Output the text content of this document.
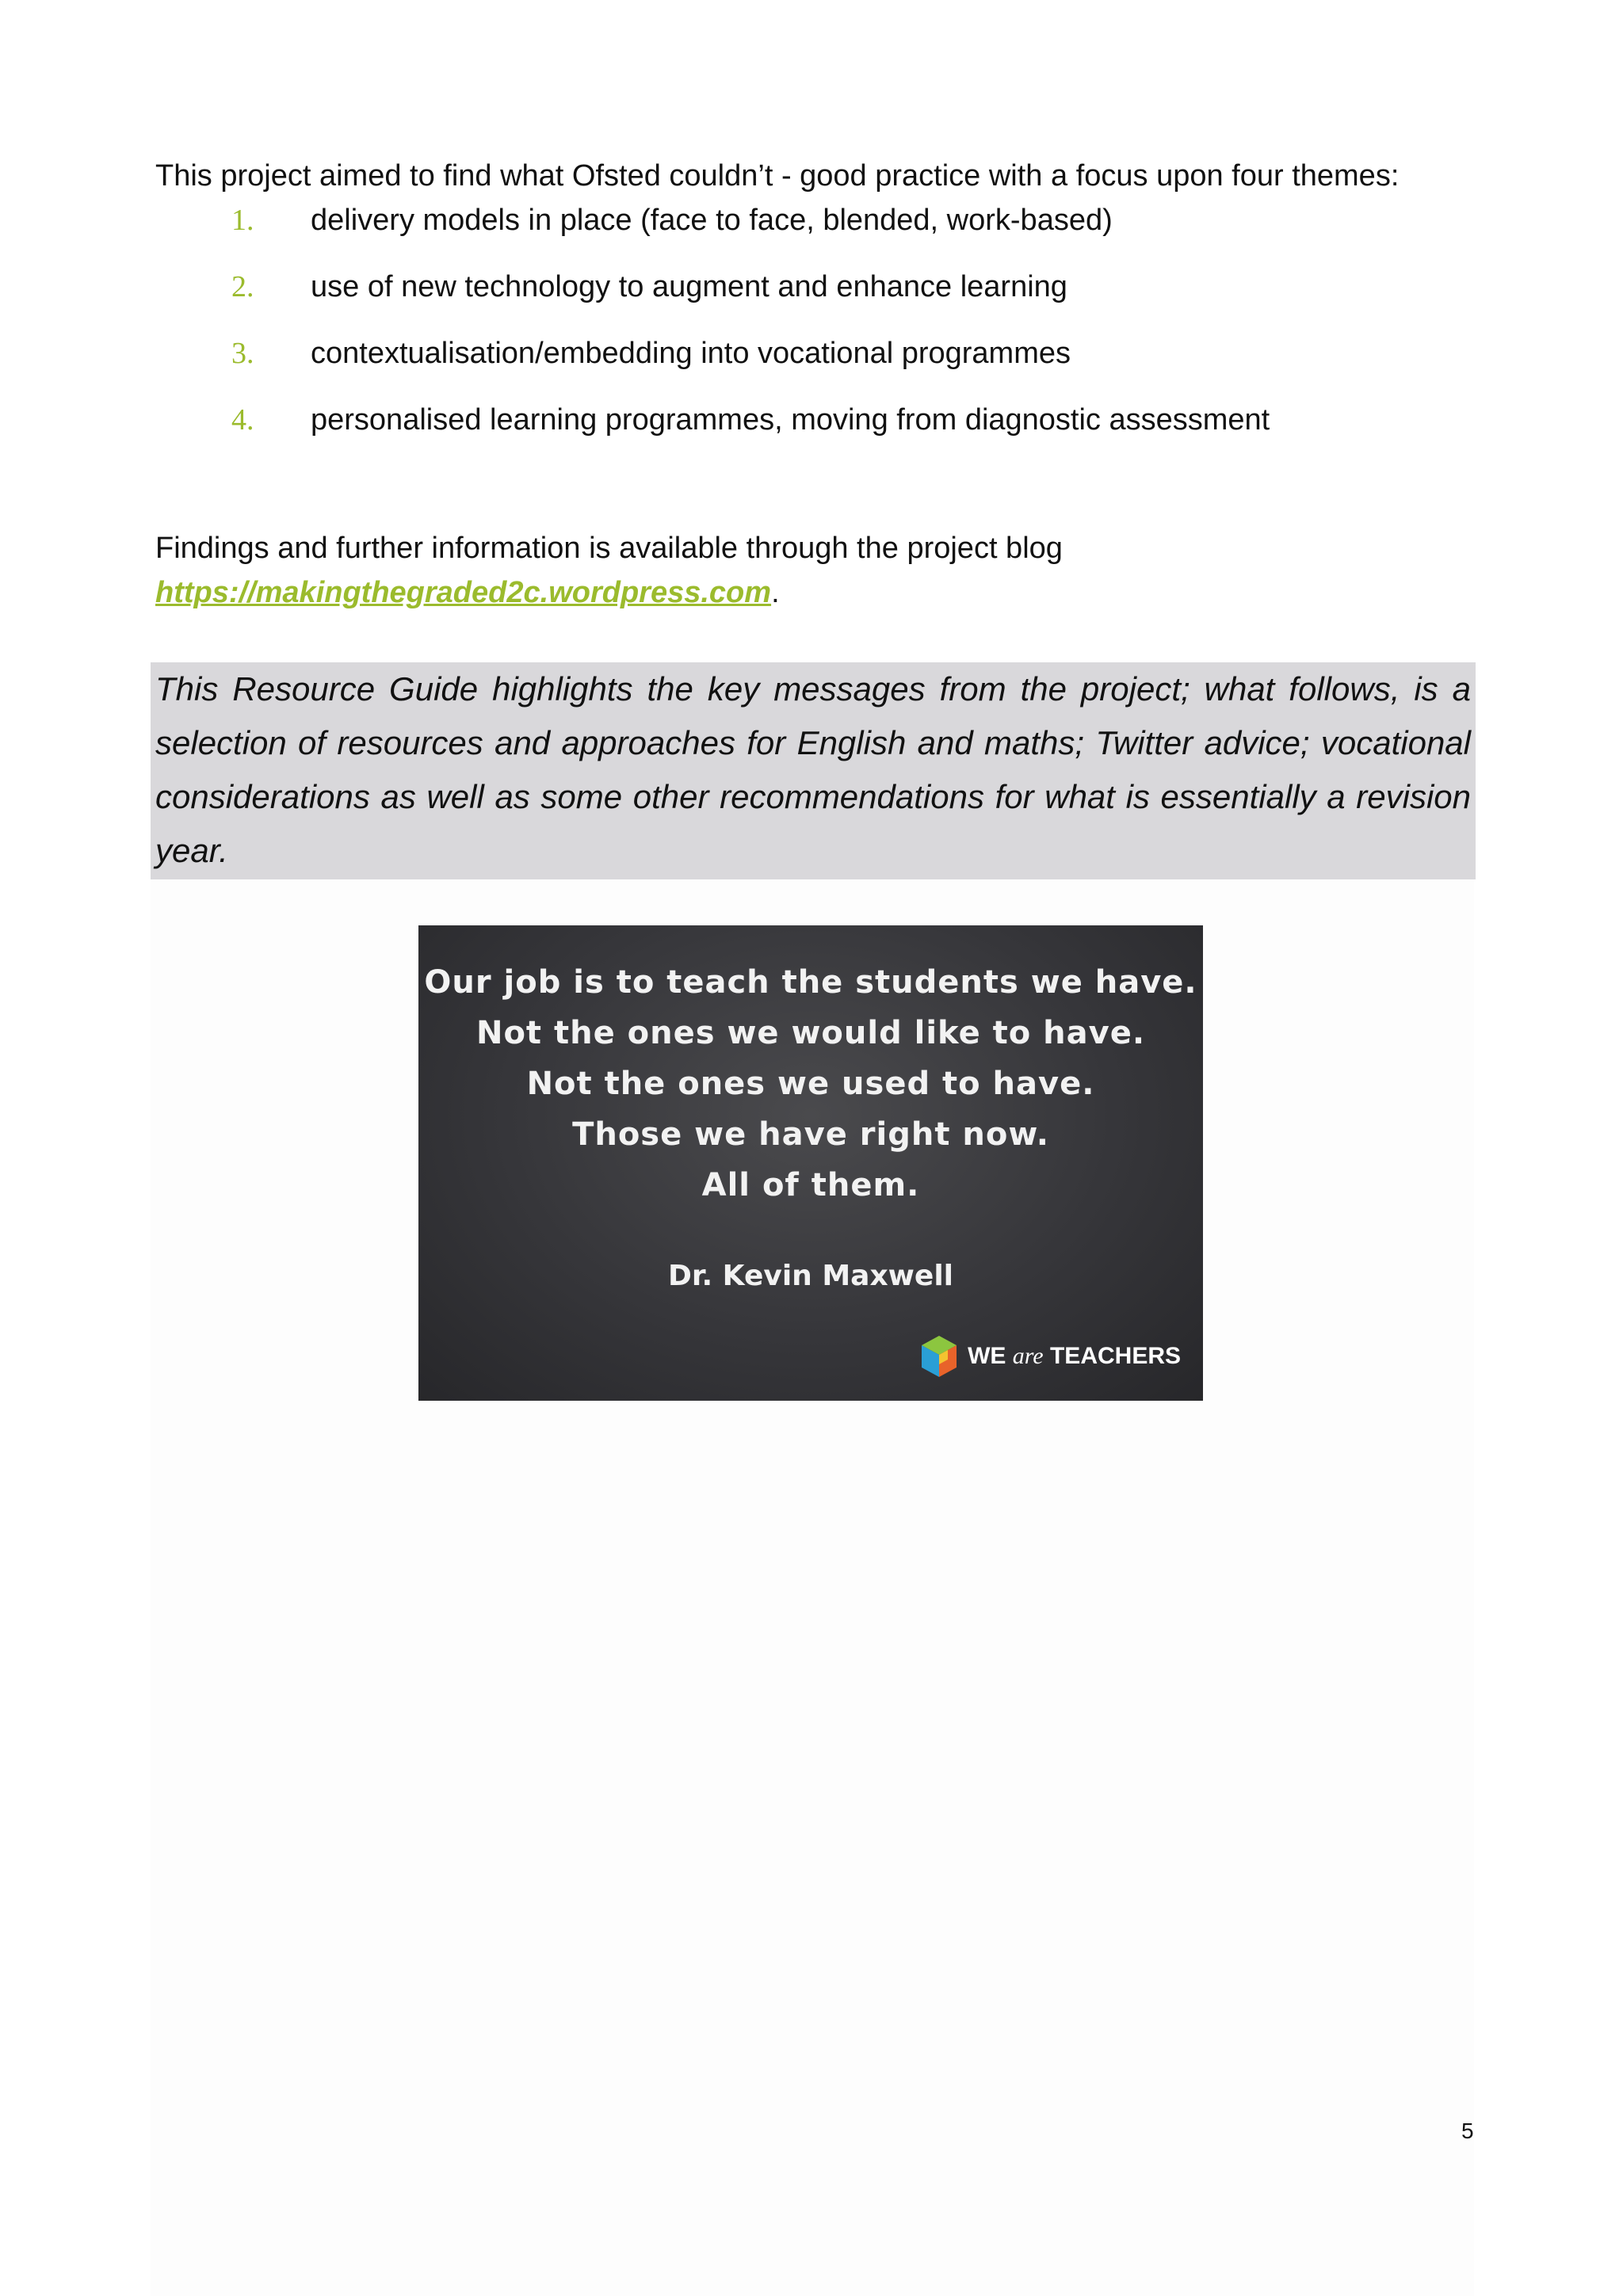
This project aimed to find what Ofsted couldn’t - good practice with a focus upon four themes:

1. delivery models in place (face to face, blended, work-based)
2. use of new technology to augment and enhance learning
3. contextualisation/embedding into vocational programmes
4. personalised learning programmes, moving from diagnostic assessment
Findings and further information is available through the project blog
https://makingthegraded2c.wordpress.com.

This Resource Guide highlights the key messages from the project; what follows, is a selection of resources and approaches for English and maths; Twitter advice; vocational considerations as well as some other recommendations for what is essentially a revision year.

Our job is to teach the students we have.
Not the ones we would like to have.
Not the ones we used to have.
Those we have right now.
All of them.
Dr. Kevin Maxwell
WE are TEACHERS
5
